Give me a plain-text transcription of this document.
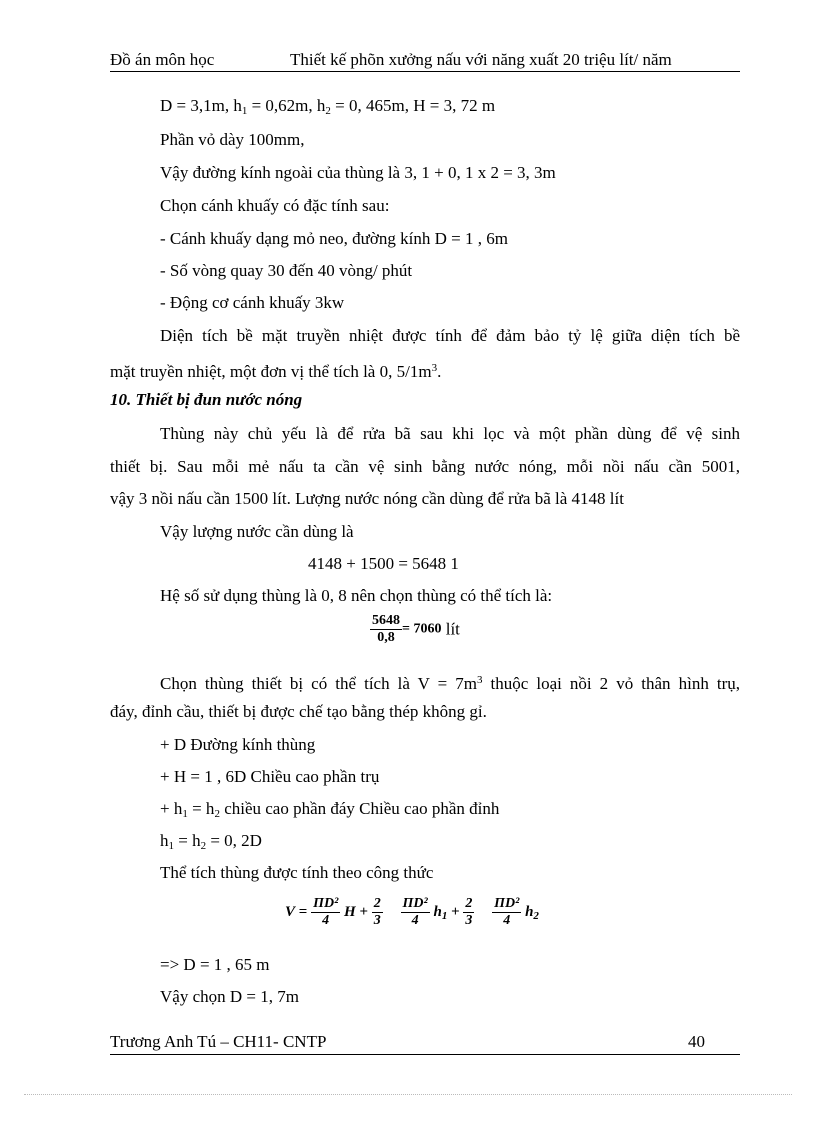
Đồ án môn học	Thiết kế phõn xưởng nấu với năng xuất 20 triệu lít/ năm
D = 3,1m, $h_1 = 0,62m$, $h_2 = 0$, 465m, H = 3, 72 m
Phần vỏ dày 100mm,
Vậy đường kính ngoài của thùng là 3, 1 + 0, 1 x 2 = 3, 3m
Chọn cánh khuấy có đặc tính sau:
- Cánh khuấy dạng mỏ neo, đường kính D = 1 , 6m
- Số vòng quay 30 đến 40 vòng/ phút
- Động cơ cánh khuấy 3kw
Diện tích bề mặt truyền nhiệt được tính để đảm bảo tỷ lệ giữa diện tích bề
mặt truyền nhiệt, một đơn vị thể tích là 0, $5/1m^3$.
10. Thiết bị đun nước nóng
Thùng này chủ yếu là để rửa bã sau khi lọc và một phần dùng để vệ sinh
thiết bị. Sau mỗi mẻ nấu ta cần vệ sinh bằng nước nóng, mỗi nồi nấu cần 5001,
vậy 3 nồi nấu cần 1500 lít. Lượng nước nóng cần dùng để rửa bã là 4148 lít
Vậy lượng nước cần dùng là
4148 + 1500 = 5648 1
Hệ số sử dụng thùng là 0, 8 nên chọn thùng có thể tích là:
$\frac{5648}{0,8} = 7060$ lít
Chọn thùng thiết bị có thể tích là $V = 7m^3$ thuộc loại nồi 2 vỏ thân hình trụ,
đáy, đỉnh cầu, thiết bị được chế tạo bằng thép không gỉ.
+ D Đường kính thùng
+ H = 1 , 6D Chiều cao phần trụ
+ $h_1 = h_2$ chiều cao phần đáy Chiều cao phần đỉnh
$h_1 = h_2 = 0$, 2D
Thể tích thùng được tính theo công thức
$V = \frac{\text{ΠD²}}{4}$ $H + \frac{2}{3}$
$\frac{\text{ΠD²}}{4} h_1 + \frac{2}{3}$
$\frac{\text{ΠD²}}{4} h_2$
=> D = 1 , 65 m
Vậy chọn D = 1, 7m
Trương Anh Tú – CH11- CNTP	40
